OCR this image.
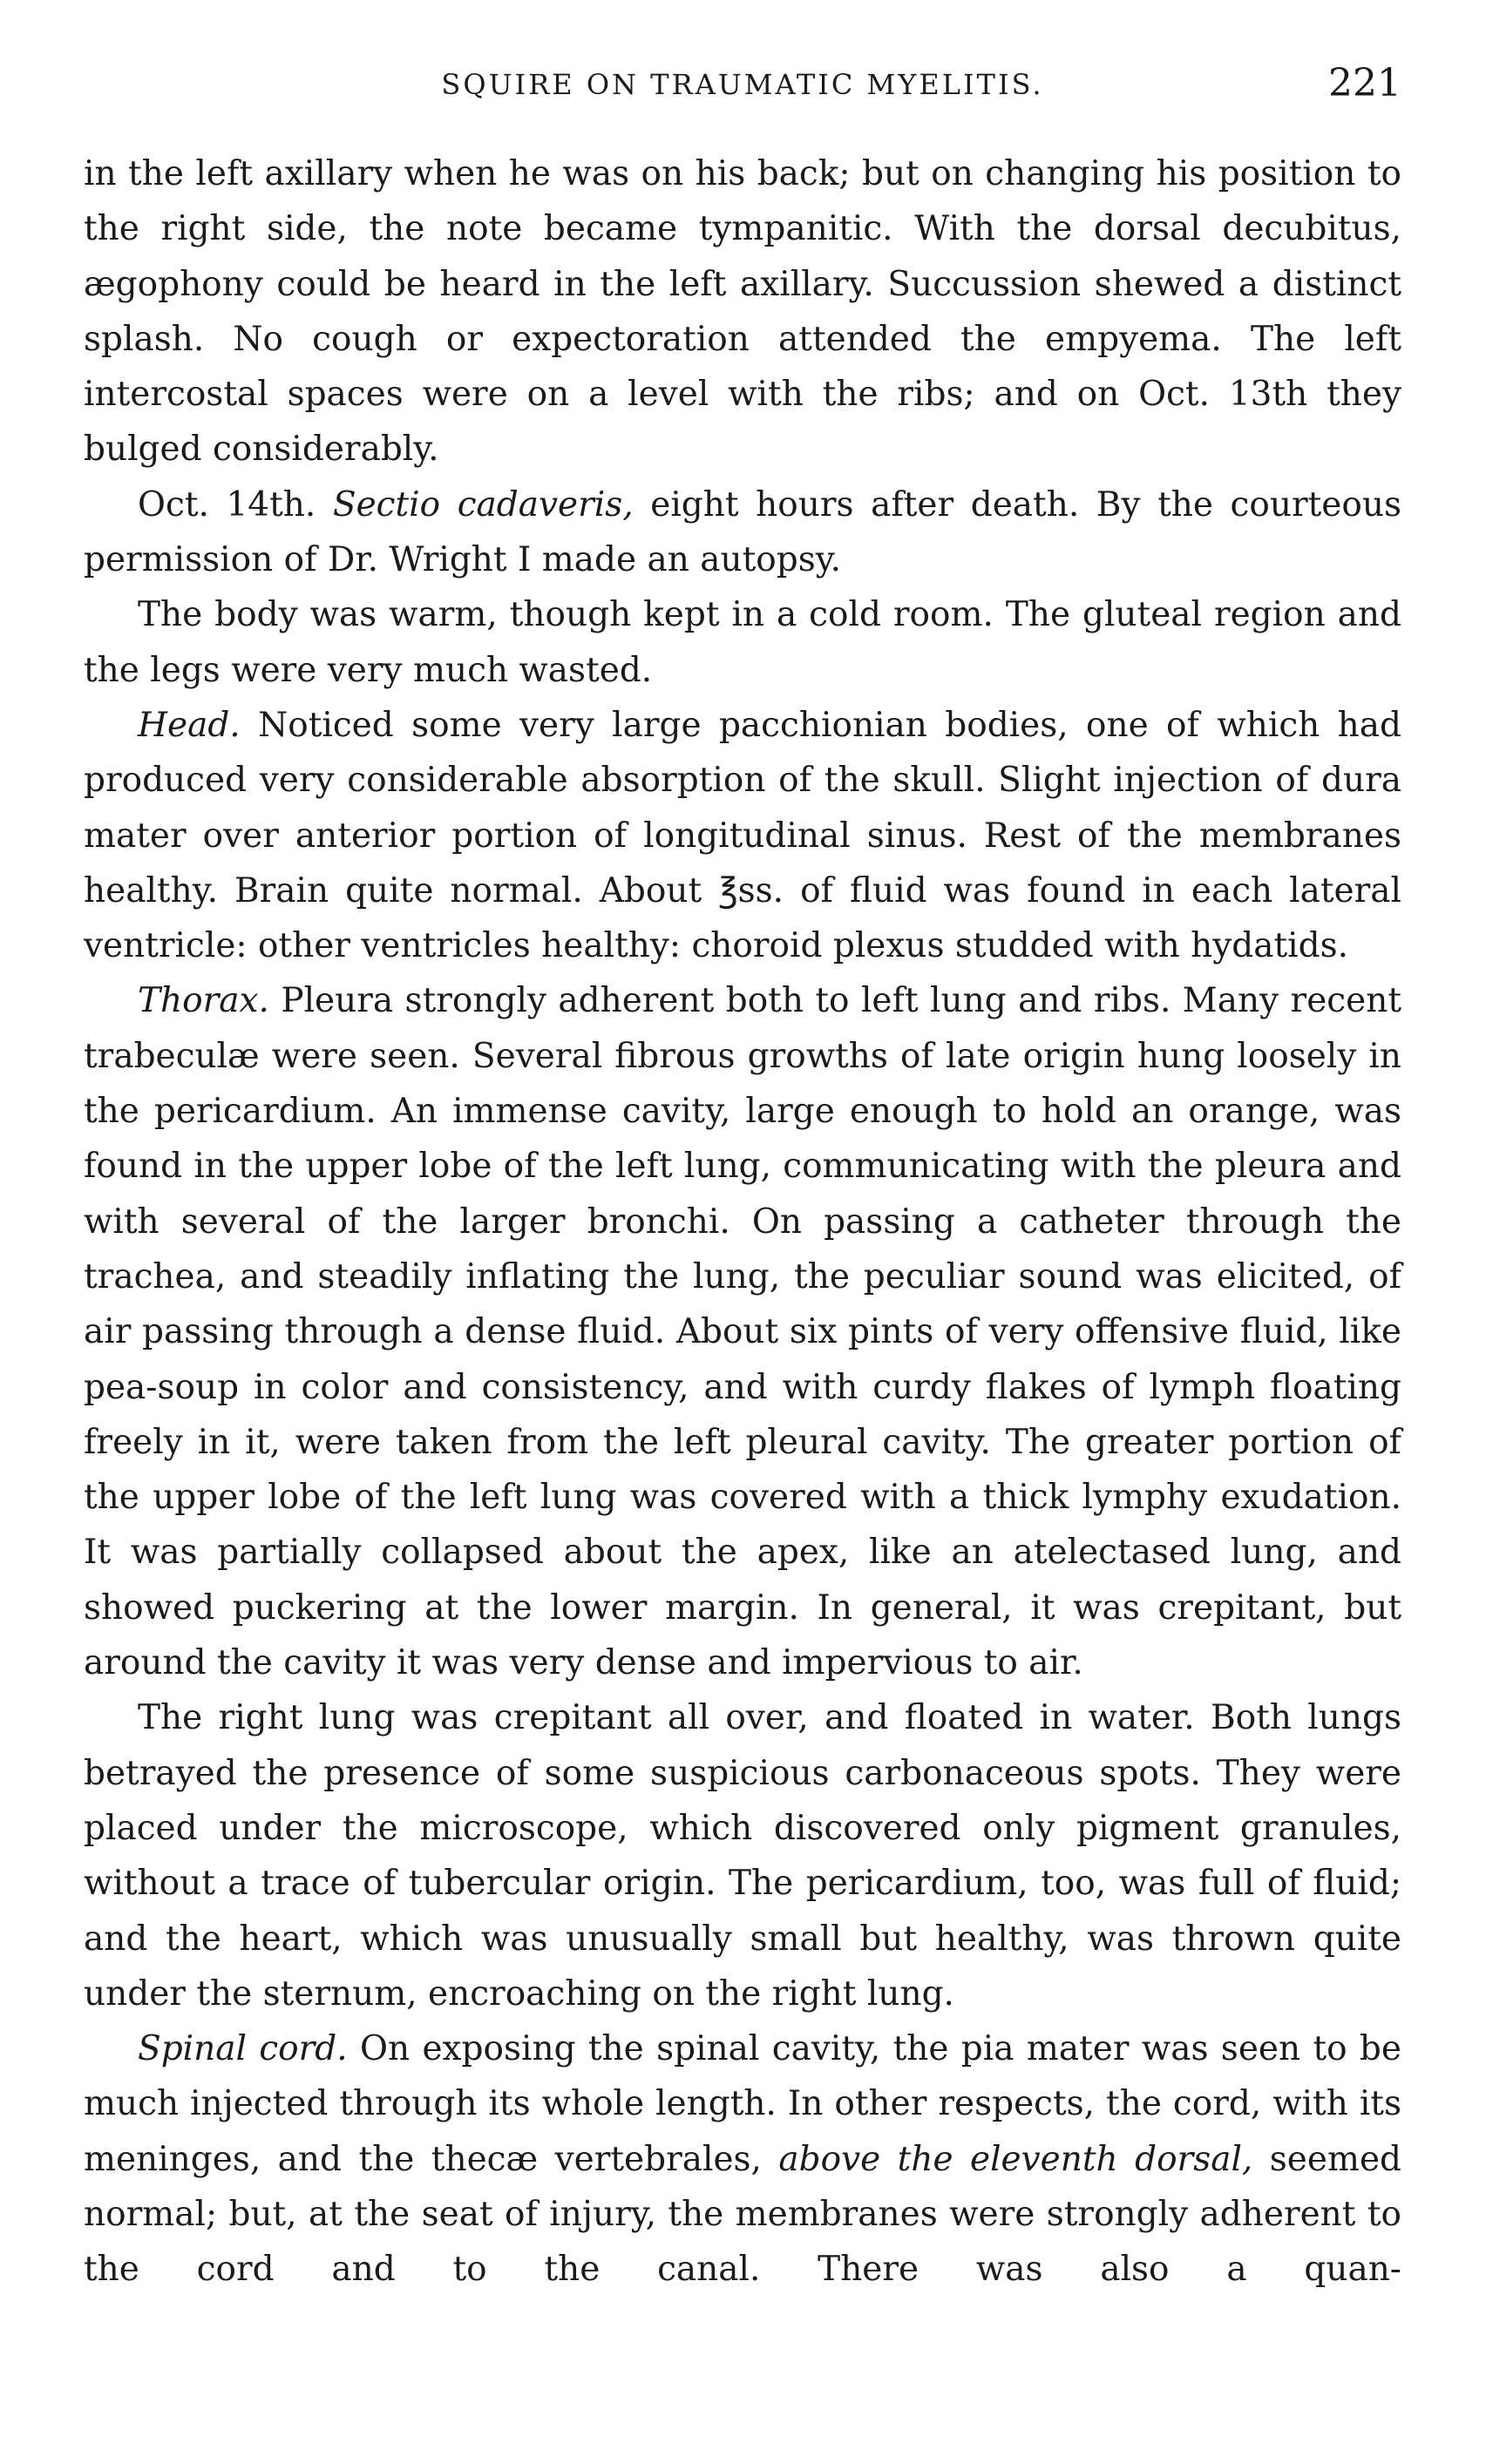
SQUIRE ON TRAUMATIC MYELITIS.	221

in the left axillary when he was on his back; but on changing his position to the right side, the note became tympanitic. With the dorsal decubitus, ægophony could be heard in the left axillary. Succussion shewed a distinct splash. No cough or expectoration attended the empyema. The left intercostal spaces were on a level with the ribs; and on Oct. 13th they bulged considerably.

Oct. 14th. Sectio cadaveris, eight hours after death. By the courteous permission of Dr. Wright I made an autopsy.

The body was warm, though kept in a cold room. The gluteal region and the legs were very much wasted.

Head. Noticed some very large pacchionian bodies, one of which had produced very considerable absorption of the skull. Slight injection of dura mater over anterior portion of longitudinal sinus. Rest of the membranes healthy. Brain quite normal. About ℥ss. of fluid was found in each lateral ventricle: other ventricles healthy: choroid plexus studded with hydatids.

Thorax. Pleura strongly adherent both to left lung and ribs. Many recent trabeculæ were seen. Several fibrous growths of late origin hung loosely in the pericardium. An immense cavity, large enough to hold an orange, was found in the upper lobe of the left lung, communicating with the pleura and with several of the larger bronchi. On passing a catheter through the trachea, and steadily inflating the lung, the peculiar sound was elicited, of air passing through a dense fluid. About six pints of very offensive fluid, like pea-soup in color and consistency, and with curdy flakes of lymph floating freely in it, were taken from the left pleural cavity. The greater portion of the upper lobe of the left lung was covered with a thick lymphy exudation. It was partially collapsed about the apex, like an atelectased lung, and showed puckering at the lower margin. In general, it was crepitant, but around the cavity it was very dense and impervious to air.

The right lung was crepitant all over, and floated in water. Both lungs betrayed the presence of some suspicious carbonaceous spots. They were placed under the microscope, which discovered only pigment granules, without a trace of tubercular origin. The pericardium, too, was full of fluid; and the heart, which was unusually small but healthy, was thrown quite under the sternum, encroaching on the right lung.

Spinal cord. On exposing the spinal cavity, the pia mater was seen to be much injected through its whole length. In other respects, the cord, with its meninges, and the thecæ vertebrales, above the eleventh dorsal, seemed normal; but, at the seat of injury, the membranes were strongly adherent to the cord and to the canal. There was also a quan-
